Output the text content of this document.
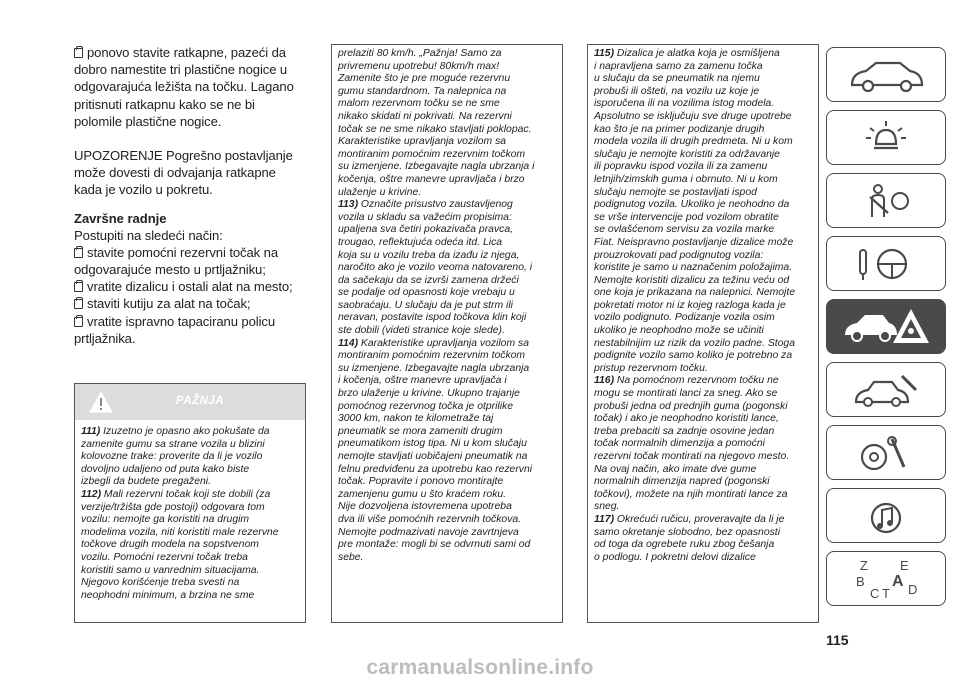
ponovo stavite ratkapne, pazeći da
dobro namestite tri plastične nogice u
odgovarajuća ležišta na točku. Lagano
pritisnuti ratkapnu kako se ne bi
polomile plastične nogice.
UPOZORENJE Pogrešno postavljanje
može dovesti di odvajanja ratkapne
kada je vozilo u pokretu.
Završne radnje
Postupiti na sledeći način:
stavite pomoćni rezervni točak na
odgovarajuće mesto u prtljažniku;
vratite dizalicu i ostali alat na mesto;
staviti kutiju za alat na točak;
vratite ispravno tapaciranu policu
prtljažnika.
PAŽNJA
111) Izuzetno je opasno ako pokušate da
zamenite gumu sa strane vozila u blizini
kolovozne trake: proverite da li je vozilo
dovoljno udaljeno od puta kako biste
izbegli da budete pregaženi.
112) Mali rezervni točak koji ste dobili (za
verzije/tržišta gde postoji) odgovara tom
vozilu: nemojte ga koristiti na drugim
modelima vozila, niti koristiti male rezervne
točkove drugih modela na sopstvenom
vozilu. Pomoćni rezervni točak treba
koristiti samo u vanrednim situacijama.
Njegovo korišćenje treba svesti na
neophodni minimum, a brzina ne sme
prelaziti 80 km/h. „Pažnja! Samo za
privremenu upotrebu! 80km/h max!
Zamenite što je pre moguće rezervnu
gumu standardnom. Ta nalepnica na
malom rezervnom točku se ne sme
nikako skidati ni pokrivati. Na rezervni
točak se ne sme nikako stavljati poklopac.
Karakteristike upravljanja vozilom sa
montiranim pomoćnim rezervnim točkom
su izmenjene. Izbegavajte nagla ubrzanja i
kočenja, oštre manevre upravljača i brzo
ulaženje u krivine.
113) Označite prisustvo zaustavljenog
vozila u skladu sa važećim propisima:
upaljena sva četiri pokazivača pravca,
trougao, reflektujuća odeća itd. Lica
koja su u vozilu treba da izađu iz njega,
naročito ako je vozilo veoma natovareno, i
da sačekaju da se izvrši zamena držeći
se podalje od opasnosti koje vrebaju u
saobraćaju. U slučaju da je put strm ili
neravan, postavite ispod točkova klin koji
ste dobili (videti stranice koje slede).
114) Karakteristike upravljanja vozilom sa
montiranim pomoćnim rezervnim točkom
su izmenjene. Izbegavajte nagla ubrzanja
i kočenja, oštre manevre upravljača i
brzo ulaženje u krivine. Ukupno trajanje
pomoćnog rezervnog točka je otprilike
3000 km, nakon te kilometraže taj
pneumatik se mora zameniti drugim
pneumatikom istog tipa. Ni u kom slučaju
nemojte stavljati uobičajeni pneumatik na
felnu predviđenu za upotrebu kao rezervni
točak. Popravite i ponovo montirajte
zamenjenu gumu u što kraćem roku.
Nije dozvoljena istovremena upotreba
dva ili više pomoćnih rezervnih točkova.
Nemojte podmazivati navoje zavrtnjeva
pre montaže: mogli bi se odvrnuti sami od
sebe.
115) Dizalica je alatka koja je osmišljena
i napravljena samo za zamenu točka
u slučaju da se pneumatik na njemu
probuši ili ošteti, na vozilu uz koje je
isporučena ili na vozilima istog modela.
Apsolutno se isključuju sve druge upotrebe
kao što je na primer podizanje drugih
modela vozila ili drugih predmeta. Ni u kom
slučaju je nemojte koristiti za održavanje
ili popravku ispod vozila ili za zamenu
letnjih/zimskih guma i obrnuto. Ni u kom
slučaju nemojte se postavljati ispod
podignutog vozila. Ukoliko je neohodno da
se vrše intervencije pod vozilom obratite
se ovlašćenom servisu za vozila marke
Fiat. Neispravno postavljanje dizalice može
prouzrokovati pad podignutog vozila:
koristite je samo u naznačenim položajima.
Nemojte koristiti dizalicu za težinu veću od
one koja je prikazana na nalepnici. Nemojte
pokretati motor ni iz kojeg razloga kada je
vozilo podignuto. Podizanje vozila osim
ukoliko je neophodno može se učiniti
nestabilnijim uz rizik da vozilo padne. Stoga
podignite vozilo samo koliko je potrebno za
pristup rezervnom točku.
116) Na pomoćnom rezervnom točku ne
mogu se montirati lanci za sneg. Ako se
probuši jedna od prednjih guma (pogonski
točak) i ako je neophodno koristiti lance,
treba prebaciti sa zadnje osovine jedan
točak normalnih dimenzija a pomoćni
rezervni točak montirati na njegovo mesto.
Na ovaj način, ako imate dve gume
normalnih dimenzija napred (pogonski
točkovi), možete na njih montirati lance za
sneg.
117) Okrećući ručicu, proveravajte da li je
samo okretanje slobodno, bez opasnosti
od toga da ogrebete ruku zbog češanja
o podlogu. I pokretni delovi dizalice
Z E
B A
C T D
115
carmanualsonline.info
